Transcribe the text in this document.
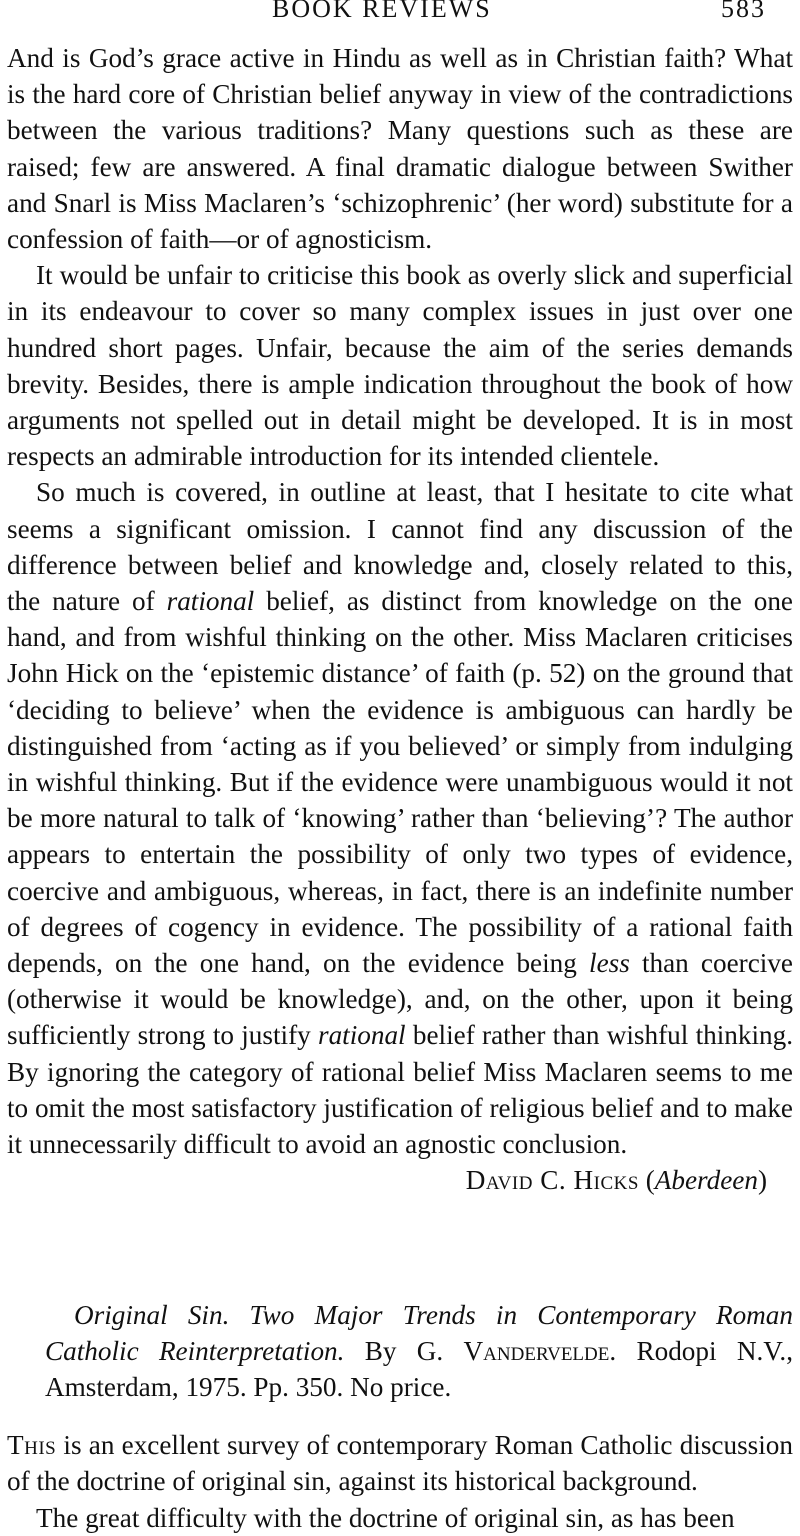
BOOK REVIEWS	583

And is God’s grace active in Hindu as well as in Christian faith? What is the hard core of Christian belief anyway in view of the contradictions between the various traditions? Many questions such as these are raised; few are answered. A final dramatic dialogue between Swither and Snarl is Miss Maclaren’s ‘schizophrenic’ (her word) substitute for a confession of faith—or of agnosticism.

It would be unfair to criticise this book as overly slick and superficial in its endeavour to cover so many complex issues in just over one hundred short pages. Unfair, because the aim of the series demands brevity. Besides, there is ample indication throughout the book of how arguments not spelled out in detail might be developed. It is in most respects an admirable introduction for its intended clientele.

So much is covered, in outline at least, that I hesitate to cite what seems a significant omission. I cannot find any discussion of the difference between belief and knowledge and, closely related to this, the nature of rational belief, as distinct from knowledge on the one hand, and from wishful thinking on the other. Miss Maclaren criticises John Hick on the ‘epistemic distance’ of faith (p. 52) on the ground that ‘deciding to believe’ when the evidence is ambiguous can hardly be distinguished from ‘acting as if you believed’ or simply from indulging in wishful thinking. But if the evidence were unambiguous would it not be more natural to talk of ‘knowing’ rather than ‘believing’? The author appears to entertain the possibility of only two types of evidence, coercive and ambiguous, whereas, in fact, there is an indefinite number of degrees of cogency in evidence. The possibility of a rational faith depends, on the one hand, on the evidence being less than coercive (otherwise it would be knowledge), and, on the other, upon it being sufficiently strong to justify rational belief rather than wishful thinking. By ignoring the category of rational belief Miss Maclaren seems to me to omit the most satisfactory justification of religious belief and to make it unnecessarily difficult to avoid an agnostic conclusion.

David C. Hicks (Aberdeen)

Original Sin. Two Major Trends in Contemporary Roman Catholic Reinterpretation. By G. Vandervelde. Rodopi N.V., Amsterdam, 1975. Pp. 350. No price.

This is an excellent survey of contemporary Roman Catholic discussion of the doctrine of original sin, against its historical background.

The great difficulty with the doctrine of original sin, as has been
